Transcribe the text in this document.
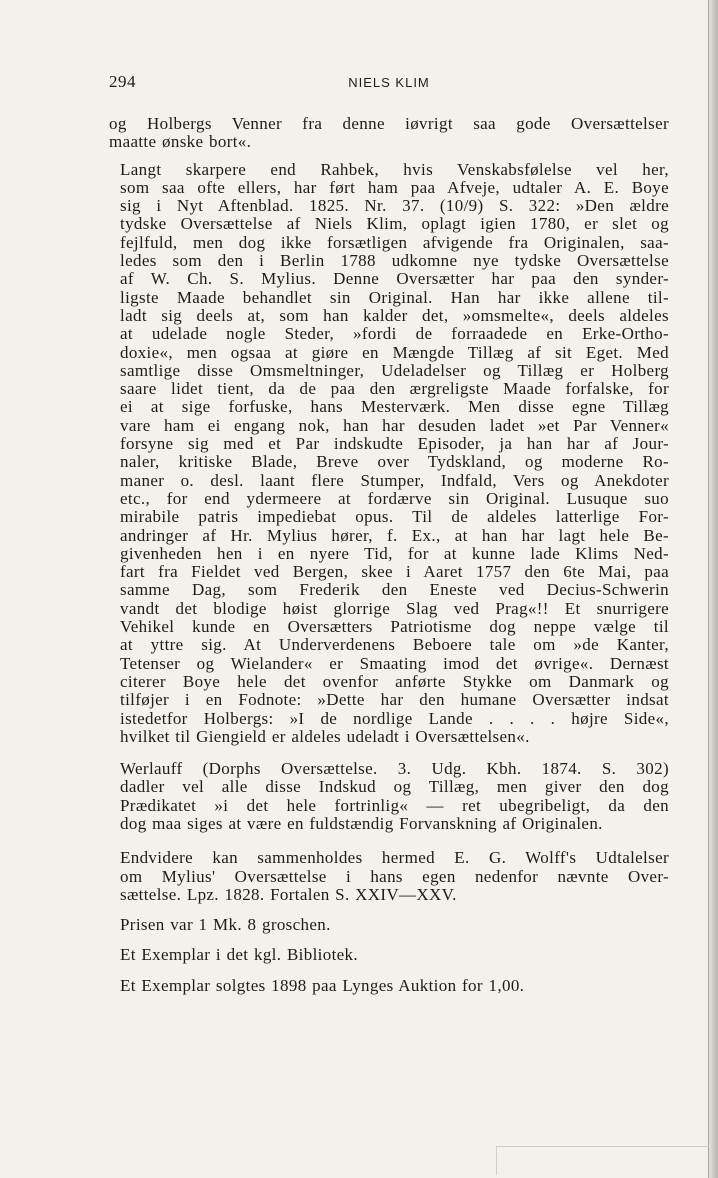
294	NIELS KLIM

og Holbergs Venner fra denne iøvrigt saa gode Oversættelser
maatte ønske bort«.

Langt skarpere end Rahbek, hvis Venskabsfølelse vel her,
som saa ofte ellers, har ført ham paa Afveje, udtaler A. E. Boye
sig i Nyt Aftenblad. 1825. Nr. 37. (10/9) S. 322: »Den ældre
tydske Oversættelse af Niels Klim, oplagt igien 1780, er slet og
fejlfuld, men dog ikke forsætligen afvigende fra Originalen, saa-
ledes som den i Berlin 1788 udkomne nye tydske Oversættelse
af W. Ch. S. Mylius. Denne Oversætter har paa den synder-
ligste Maade behandlet sin Original. Han har ikke allene til-
ladt sig deels at, som han kalder det, »omsmelte«, deels aldeles
at udelade nogle Steder, »fordi de forraadede en Erke-Ortho-
doxie«, men ogsaa at giøre en Mængde Tillæg af sit Eget. Med
samtlige disse Omsmeltninger, Udeladelser og Tillæg er Holberg
saare lidet tient, da de paa den ærgreligste Maade forfalske, for
ei at sige forfuske, hans Mesterværk. Men disse egne Tillæg
vare ham ei engang nok, han har desuden ladet »et Par Venner«
forsyne sig med et Par indskudte Episoder, ja han har af Jour-
naler, kritiske Blade, Breve over Tydskland, og moderne Ro-
maner o. desl. laant flere Stumper, Indfald, Vers og Anekdoter
etc., for end ydermeere at fordærve sin Original. Lusuque suo
mirabile patris impediebat opus. Til de aldeles latterlige For-
andringer af Hr. Mylius hører, f. Ex., at han har lagt hele Be-
givenheden hen i en nyere Tid, for at kunne lade Klims Ned-
fart fra Fieldet ved Bergen, skee i Aaret 1757 den 6te Mai, paa
samme Dag, som Frederik den Eneste ved Decius-Schwerin
vandt det blodige høist glorrige Slag ved Prag«!! Et snurrigere
Vehikel kunde en Oversætters Patriotisme dog neppe vælge til
at yttre sig. At Underverdenens Beboere tale om »de Kanter,
Tetenser og Wielander« er Smaating imod det øvrige«. Dernæst
citerer Boye hele det ovenfor anførte Stykke om Danmark og
tilføjer i en Fodnote: »Dette har den humane Oversætter indsat
istedetfor Holbergs: »I de nordlige Lande . . . . højre Side«,
hvilket til Giengield er aldeles udeladt i Oversættelsen«.

Werlauff (Dorphs Oversættelse. 3. Udg. Kbh. 1874. S. 302)
dadler vel alle disse Indskud og Tillæg, men giver den dog
Prædikatet »i det hele fortrinlig« — ret ubegribeligt, da den
dog maa siges at være en fuldstændig Forvanskning af Originalen.

Endvidere kan sammenholdes hermed E. G. Wolff's Udtalelser
om Mylius' Oversættelse i hans egen nedenfor nævnte Over-
sættelse. Lpz. 1828. Fortalen S. XXIV—XXV.

Prisen var 1 Mk. 8 groschen.

Et Exemplar i det kgl. Bibliotek.

Et Exemplar solgtes 1898 paa Lynges Auktion for 1,00.
